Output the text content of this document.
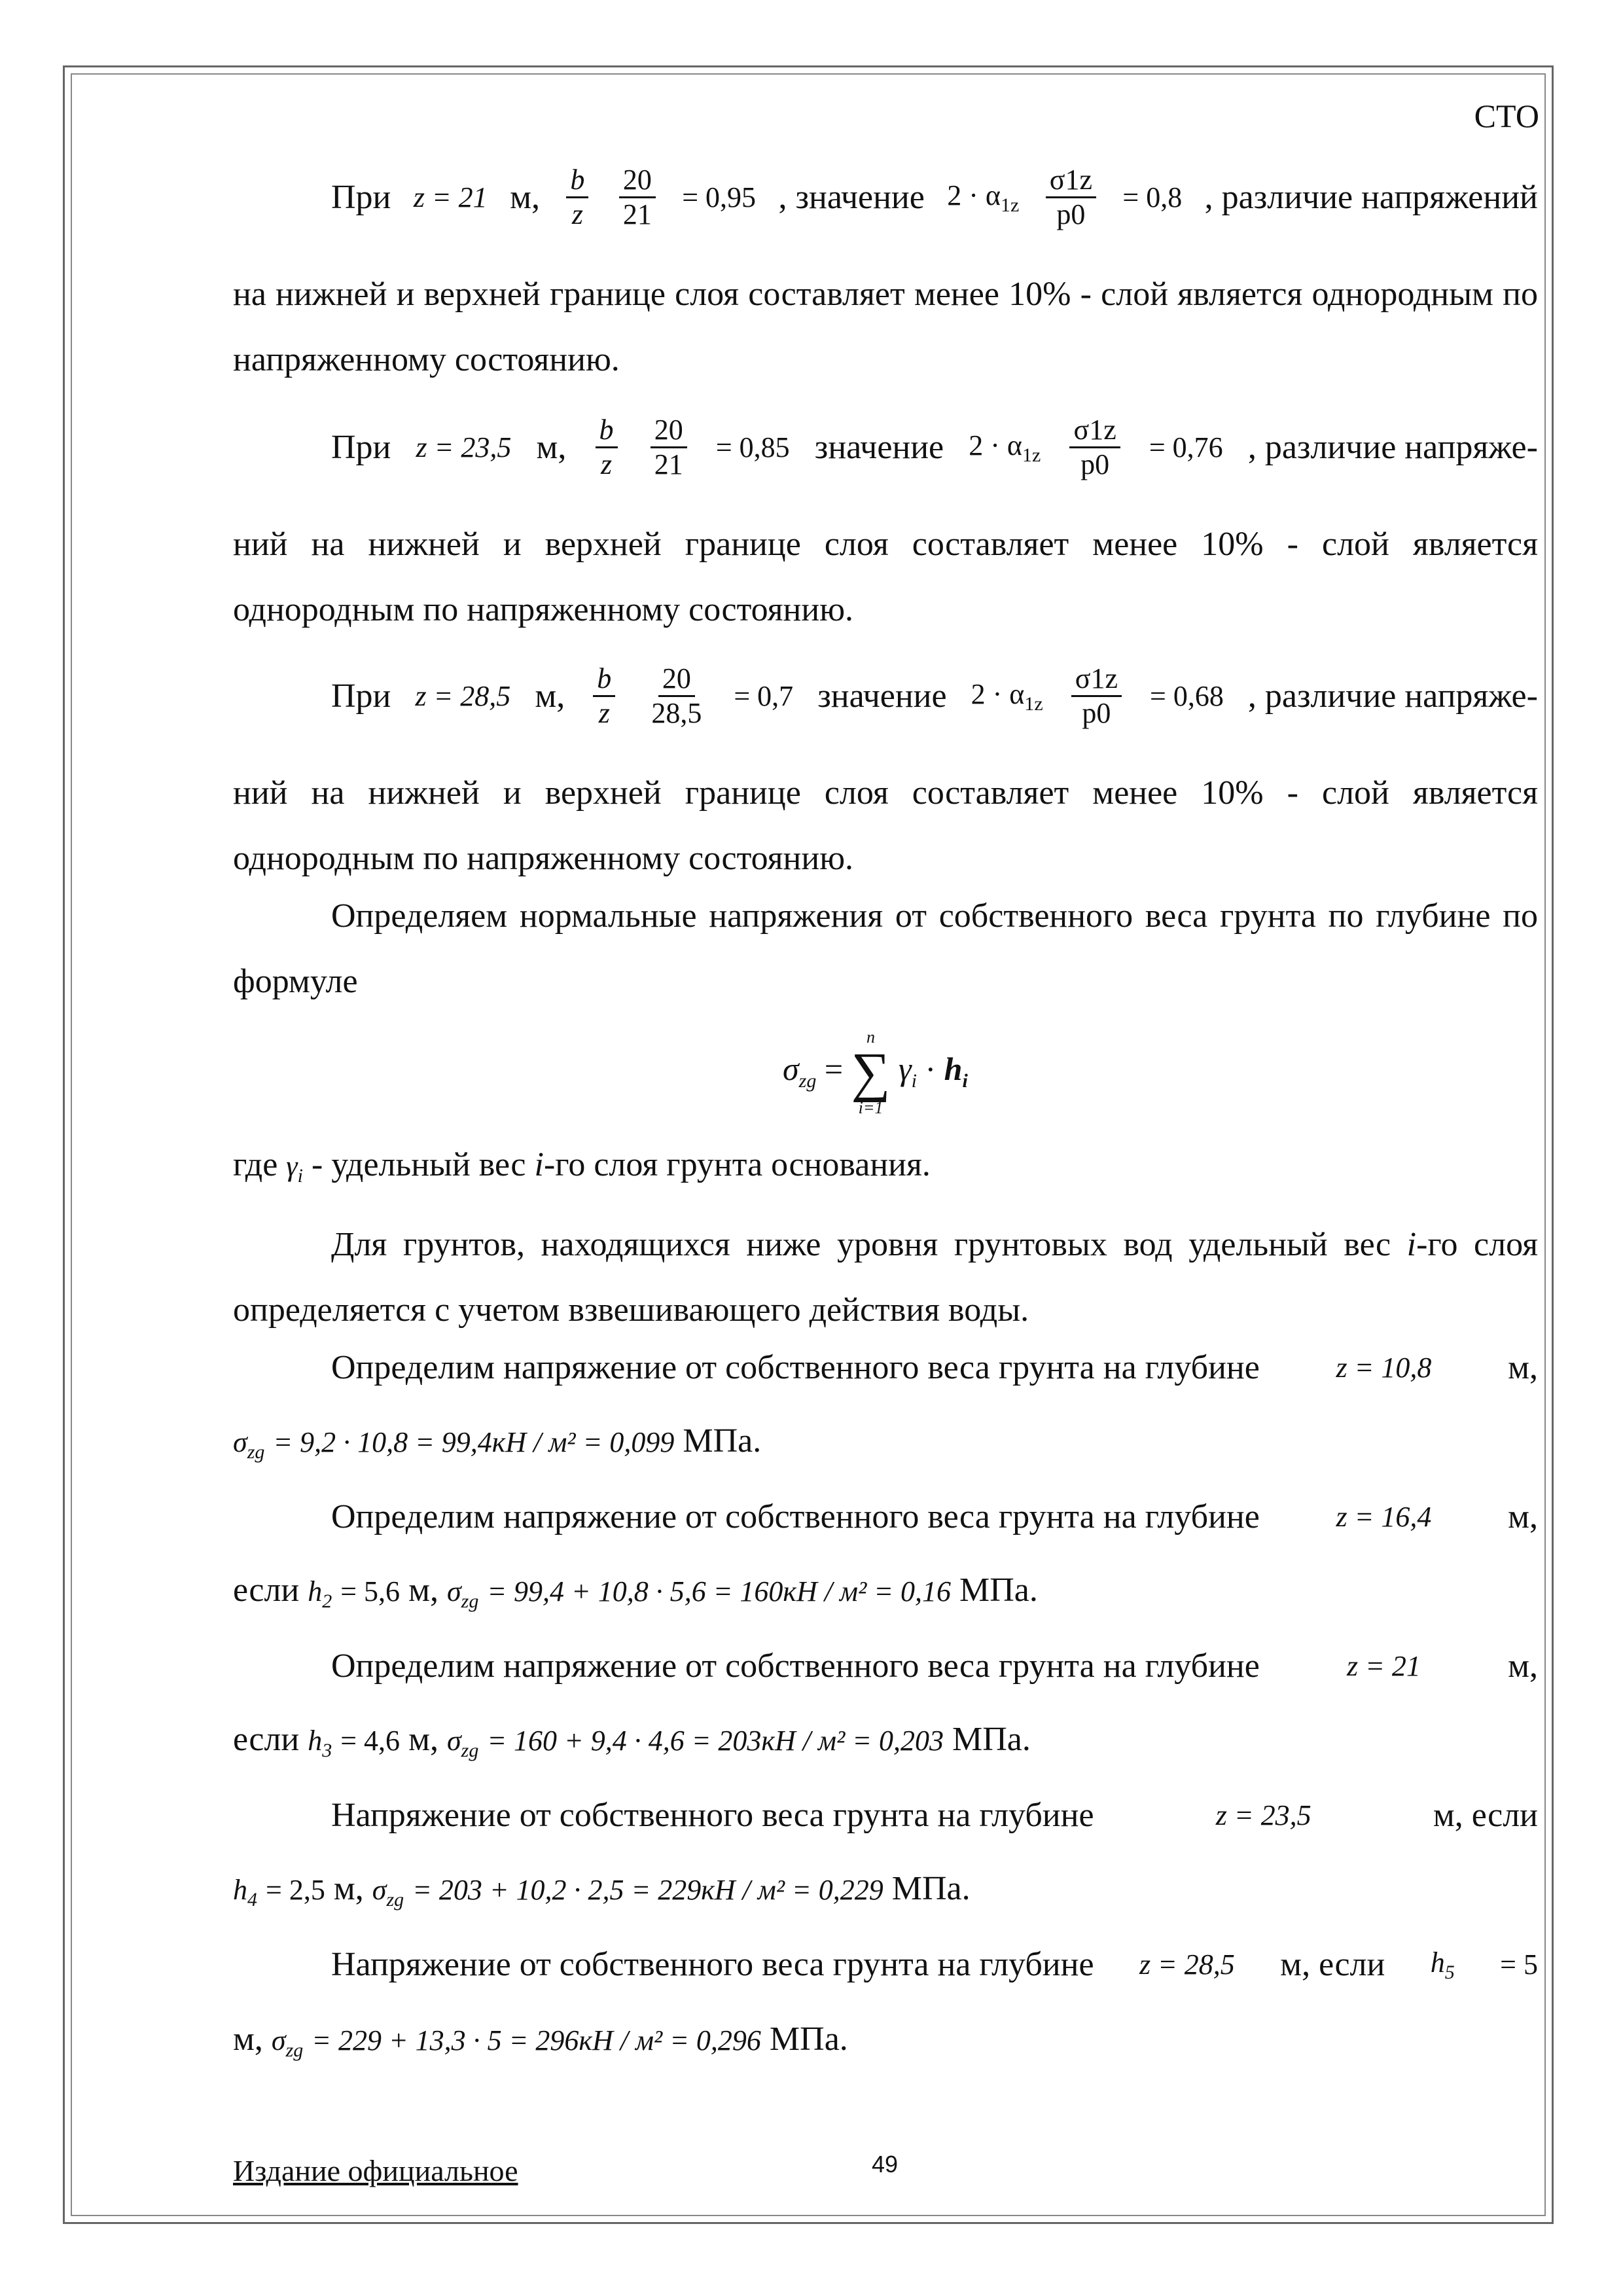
СТО
При z = 21 м, $\frac{b}{z} \frac{20}{21} = 0,95$ , значение $2 \cdot \alpha_{1z} \frac{\sigma 1z}{p0} = 0,8$ , различие напряжений
на нижней и верхней границе слоя составляет менее 10% - слой является однородным по напряженному состоянию.
При z = 23,5 м, $\frac{b}{z} \frac{20}{21} = 0,85$ значение $2 \cdot \alpha_{1z} \frac{\sigma 1z}{p0} = 0,76$ , различие напряже-
ний на нижней и верхней границе слоя составляет менее 10% - слой является однородным по напряженному состоянию.
При z = 28,5 м, $\frac{b}{z} \frac{20}{28,5} = 0,7$ значение $2 \cdot \alpha_{1z} \frac{\sigma 1z}{p0} = 0,68$ , различие напряже-
ний на нижней и верхней границе слоя составляет менее 10% - слой является однородным по напряженному состоянию.
Определяем нормальные напряжения от собственного веса грунта по глубине по формуле
$\sigma_{zg}$ =
n
∑
i=1
$\gamma_i \cdot h_i$
где $\gamma_i$ - удельный вес i-го слоя грунта основания.
Для грунтов, находящихся ниже уровня грунтовых вод удельный вес i-го слоя определяется с учетом взвешивающего действия воды.
Определим напряжение от собственного веса грунта на глубине	z = 10,8 м,
$\sigma_{zg} = 9,2 \cdot 10,8 = 99,4кН / м^2 = 0,099$ МПа.
Определим напряжение от собственного веса грунта на глубине	z = 16,4 м,
если $h_2 = 5,6$ м, $\sigma_{zg} = 99,4 + 10,8 \cdot 5,6 = 160кН / м^2 = 0,16$ МПа.
Определим напряжение от собственного веса грунта на глубине	z = 21	м,
если $h_3 = 4,6$ м, $\sigma_{zg} = 160 + 9,4 \cdot 4,6 = 203кН / м^2 = 0,203$ МПа.
Напряжение от собственного веса грунта на глубине	z = 23,5	м, если
$h_4 = 2,5$ м, $\sigma_{zg} = 203 + 10,2 \cdot 2,5 = 229кН / м^2 = 0,229$ МПа.
Напряжение от собственного веса грунта на глубине z = 28,5 м, если $h_5 = 5$
м, $\sigma_{zg} = 229 + 13,3 \cdot 5 = 296кН / м^2 = 0,296$ МПа.
Издание официальное	49
